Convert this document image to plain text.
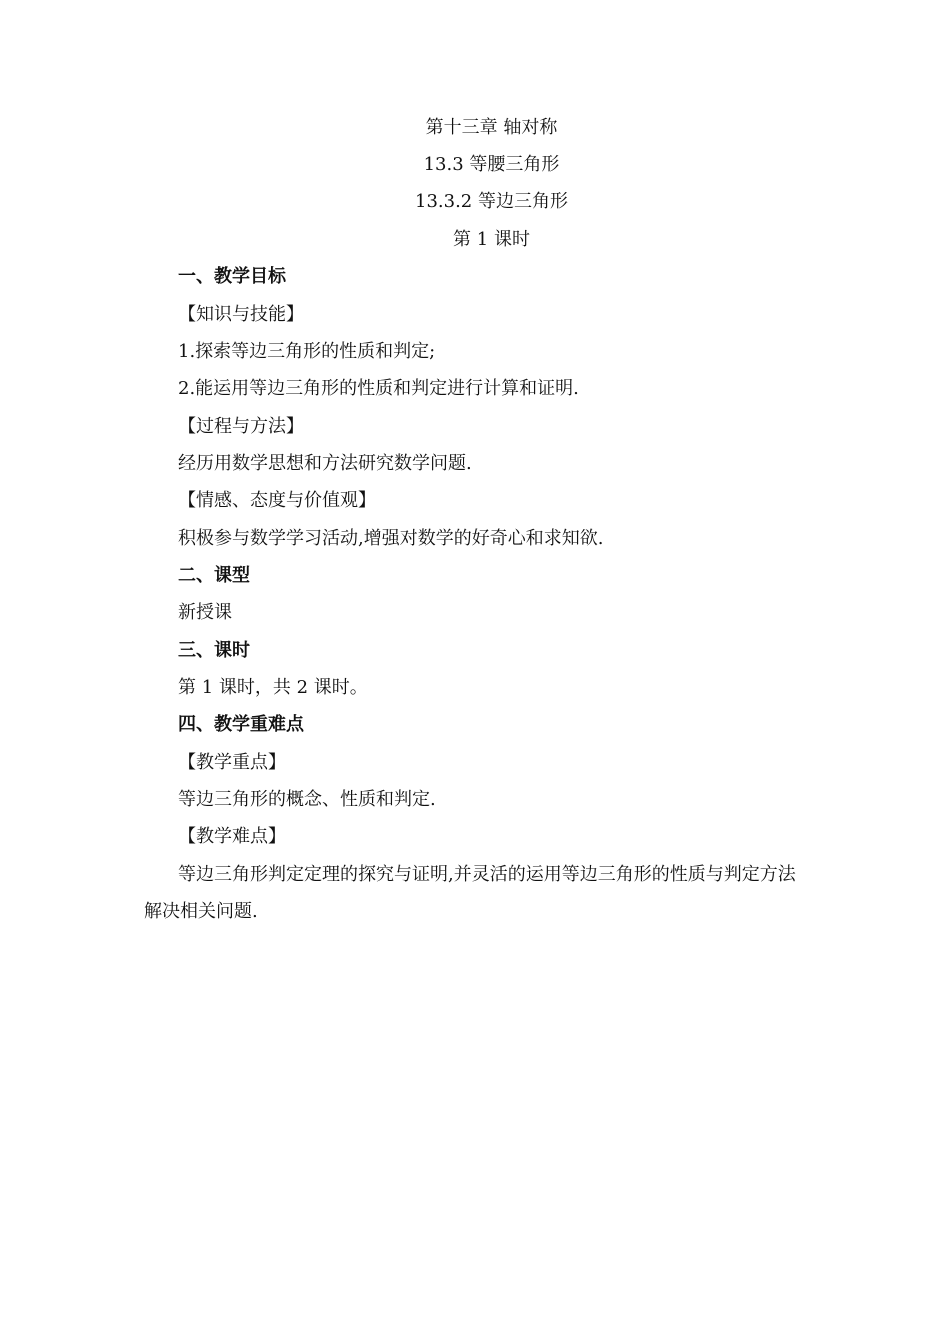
第十三章 轴对称
13.3 等腰三角形
13.3.2 等边三角形
第 1 课时
一、教学目标
【知识与技能】
1.探索等边三角形的性质和判定;
2.能运用等边三角形的性质和判定进行计算和证明.
【过程与方法】
经历用数学思想和方法研究数学问题.
【情感、态度与价值观】
积极参与数学学习活动,增强对数学的好奇心和求知欲.
二、课型
新授课
三、课时
第 1 课时，共 2 课时。
四、教学重难点
【教学重点】
等边三角形的概念、性质和判定.
【教学难点】
等边三角形判定定理的探究与证明,并灵活的运用等边三角形的性质与判定方法解决相关问题.
